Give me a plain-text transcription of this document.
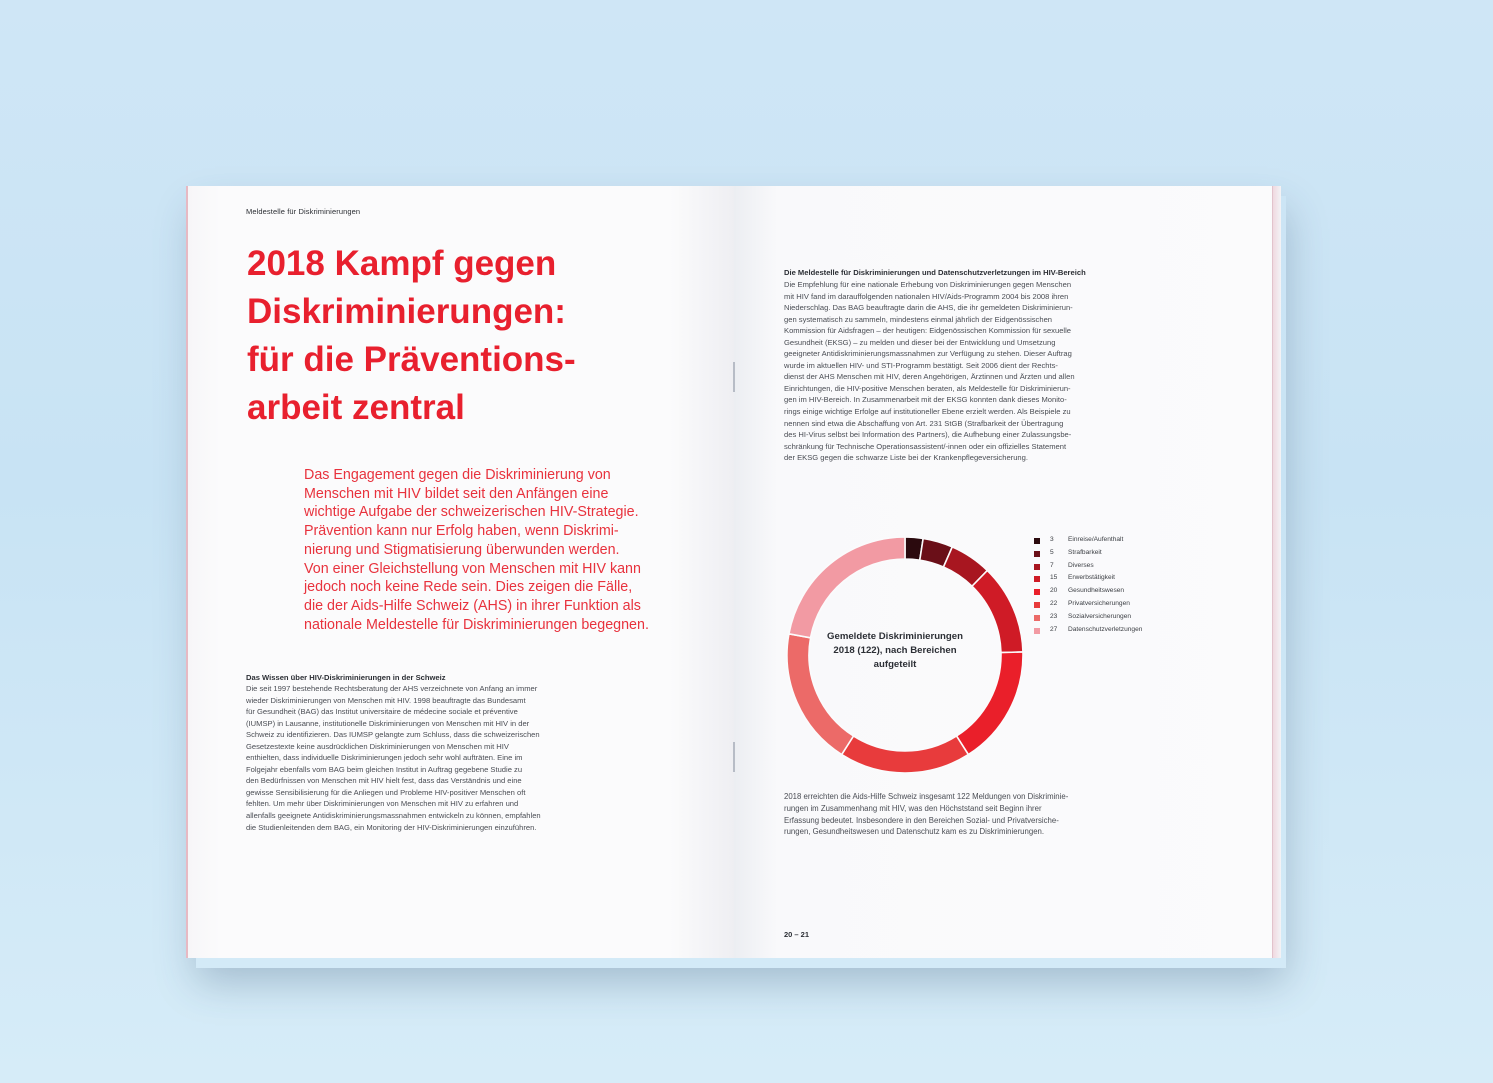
Meldestelle für Diskriminierungen
2018 Kampf gegen
Diskriminierungen:
für die Präventions-
arbeit zentral
Das Engagement gegen die Diskriminierung von
Menschen mit HIV bildet seit den Anfängen eine
wichtige Aufgabe der schweizerischen HIV-Strategie.
Prävention kann nur Erfolg haben, wenn Diskrimi-
nierung und Stigmatisierung überwunden werden.
Von einer Gleichstellung von Menschen mit HIV kann
jedoch noch keine Rede sein. Dies zeigen die Fälle,
die der Aids-Hilfe Schweiz (AHS) in ihrer Funktion als
nationale Meldestelle für Diskriminierungen begegnen.
Das Wissen über HIV-Diskriminierungen in der Schweiz
Die seit 1997 bestehende Rechtsberatung der AHS verzeichnete von Anfang an immer
wieder Diskriminierungen von Menschen mit HIV. 1998 beauftragte das Bundesamt
für Gesundheit (BAG) das Institut universitaire de médecine sociale et préventive
(IUMSP) in Lausanne, institutionelle Diskriminierungen von Menschen mit HIV in der
Schweiz zu identifizieren. Das IUMSP gelangte zum Schluss, dass die schweizerischen
Gesetzestexte keine ausdrücklichen Diskriminierungen von Menschen mit HIV
enthielten, dass individuelle Diskriminierungen jedoch sehr wohl aufträten. Eine im
Folgejahr ebenfalls vom BAG beim gleichen Institut in Auftrag gegebene Studie zu
den Bedürfnissen von Menschen mit HIV hielt fest, dass das Verständnis und eine
gewisse Sensibilisierung für die Anliegen und Probleme HIV-positiver Menschen oft
fehlten. Um mehr über Diskriminierungen von Menschen mit HIV zu erfahren und
allenfalls geeignete Antidiskriminierungsmassnahmen entwickeln zu können, empfahlen
die Studienleitenden dem BAG, ein Monitoring der HIV-Diskriminierungen einzuführen.
Die Meldestelle für Diskriminierungen und Datenschutzverletzungen im HIV-Bereich
Die Empfehlung für eine nationale Erhebung von Diskriminierungen gegen Menschen
mit HIV fand im darauffolgenden nationalen HIV/Aids-Programm 2004 bis 2008 ihren
Niederschlag. Das BAG beauftragte darin die AHS, die ihr gemeldeten Diskriminierun-
gen systematisch zu sammeln, mindestens einmal jährlich der Eidgenössischen
Kommission für Aidsfragen – der heutigen: Eidgenössischen Kommission für sexuelle
Gesundheit (EKSG) – zu melden und dieser bei der Entwicklung und Umsetzung
geeigneter Antidiskriminierungsmassnahmen zur Verfügung zu stehen. Dieser Auftrag
wurde im aktuellen HIV- und STI-Programm bestätigt. Seit 2006 dient der Rechts-
dienst der AHS Menschen mit HIV, deren Angehörigen, Ärztinnen und Ärzten und allen
Einrichtungen, die HIV-positive Menschen beraten, als Meldestelle für Diskriminierun-
gen im HIV-Bereich. In Zusammenarbeit mit der EKSG konnten dank dieses Monito-
rings einige wichtige Erfolge auf institutioneller Ebene erzielt werden. Als Beispiele zu
nennen sind etwa die Abschaffung von Art. 231 StGB (Strafbarkeit der Übertragung
des HI-Virus selbst bei Information des Partners), die Aufhebung einer Zulassungsbe-
schränkung für Technische Operationsassistent/-innen oder ein offizielles Statement
der EKSG gegen die schwarze Liste bei der Krankenpflegeversicherung.
Gemeldete Diskriminierungen
2018 (122), nach Bereichen
aufgeteilt
3	Einreise/Aufenthalt
5	Strafbarkeit
7	Diverses
15	Erwerbstätigkeit
20	Gesundheitswesen
22	Privatversicherungen
23	Sozialversicherungen
27	Datenschutzverletzungen
2018 erreichten die Aids-Hilfe Schweiz insgesamt 122 Meldungen von Diskriminie-
rungen im Zusammenhang mit HIV, was den Höchststand seit Beginn ihrer
Erfassung bedeutet. Insbesondere in den Bereichen Sozial- und Privatversiche-
rungen, Gesundheitswesen und Datenschutz kam es zu Diskriminierungen.
20 – 21
